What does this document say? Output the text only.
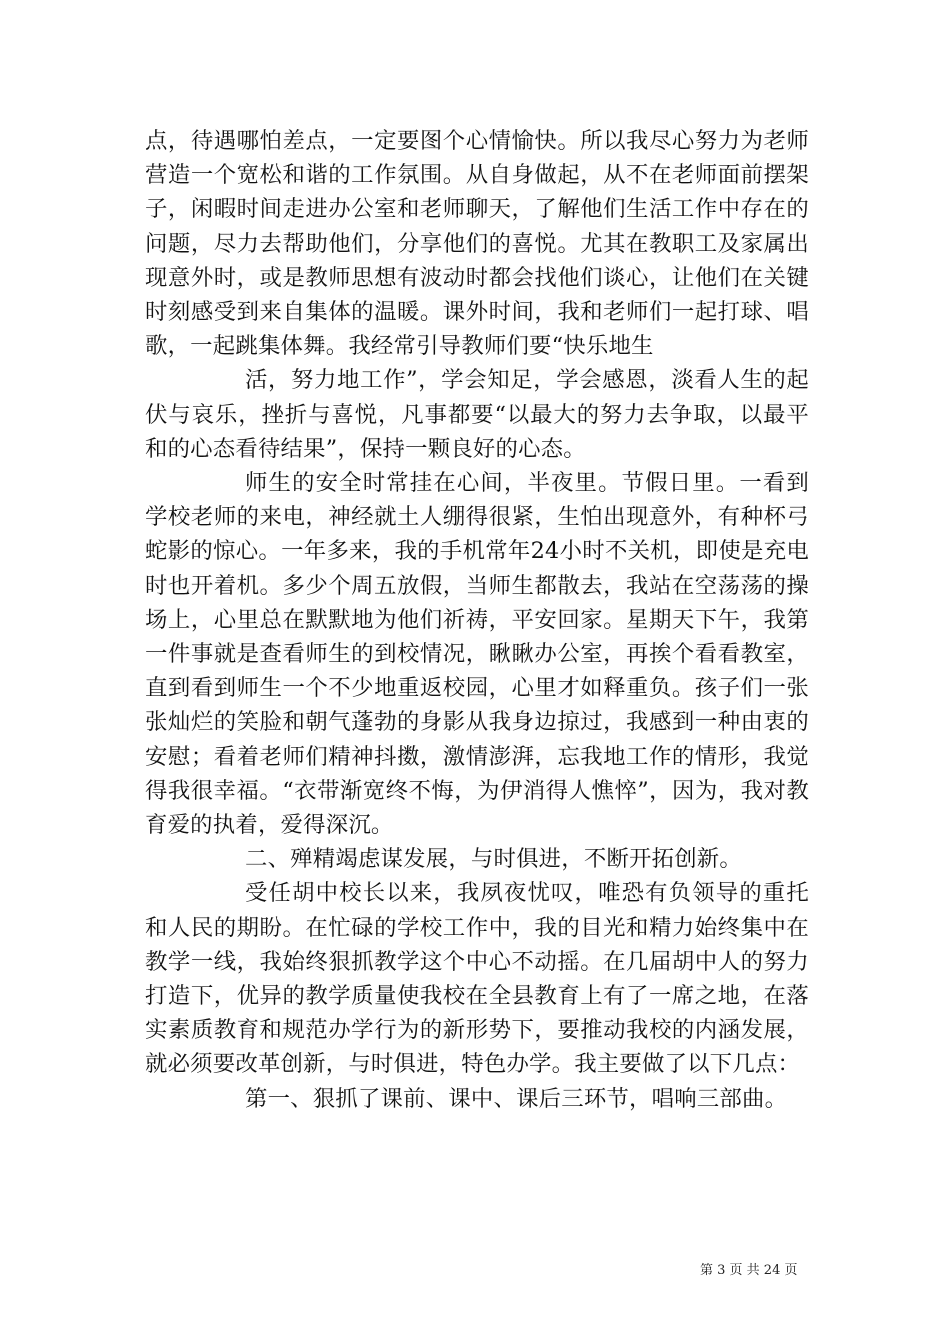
点，待遇哪怕差点，一定要图个心情愉快。所以我尽心努力为老师营造一个宽松和谐的工作氛围。从自身做起，从不在老师面前摆架子，闲暇时间走进办公室和老师聊天，了解他们生活工作中存在的问题，尽力去帮助他们，分享他们的喜悦。尤其在教职工及家属出现意外时，或是教师思想有波动时都会找他们谈心，让他们在关键时刻感受到来自集体的温暖。课外时间，我和老师们一起打球、唱歌，一起跳集体舞。我经常引导教师们要“快乐地生

活，努力地工作”，学会知足，学会感恩，淡看人生的起伏与哀乐，挫折与喜悦，凡事都要“以最大的努力去争取，以最平和的心态看待结果”，保持一颗良好的心态。

师生的安全时常挂在心间，半夜里。节假日里。一看到学校老师的来电，神经就土人绷得很紧，生怕出现意外，有种杯弓蛇影的惊心。一年多来，我的手机常年24小时不关机，即使是充电时也开着机。多少个周五放假，当师生都散去，我站在空荡荡的操场上，心里总在默默地为他们祈祷，平安回家。星期天下午，我第一件事就是查看师生的到校情况，瞅瞅办公室，再挨个看看教室，直到看到师生一个不少地重返校园，心里才如释重负。孩子们一张张灿烂的笑脸和朝气蓬勃的身影从我身边掠过，我感到一种由衷的安慰；看着老师们精神抖擞，激情澎湃，忘我地工作的情形，我觉得我很幸福。“衣带渐宽终不悔，为伊消得人憔悴”，因为，我对教育爱的执着，爱得深沉。

二、殚精竭虑谋发展，与时俱进，不断开拓创新。

受任胡中校长以来，我夙夜忧叹，唯恐有负领导的重托和人民的期盼。在忙碌的学校工作中，我的目光和精力始终集中在教学一线，我始终狠抓教学这个中心不动摇。在几届胡中人的努力打造下，优异的教学质量使我校在全县教育上有了一席之地，在落实素质教育和规范办学行为的新形势下，要推动我校的内涵发展，就必须要改革创新，与时俱进，特色办学。我主要做了以下几点：

第一、狠抓了课前、课中、课后三环节，唱响三部曲。

第 3 页 共 24 页
